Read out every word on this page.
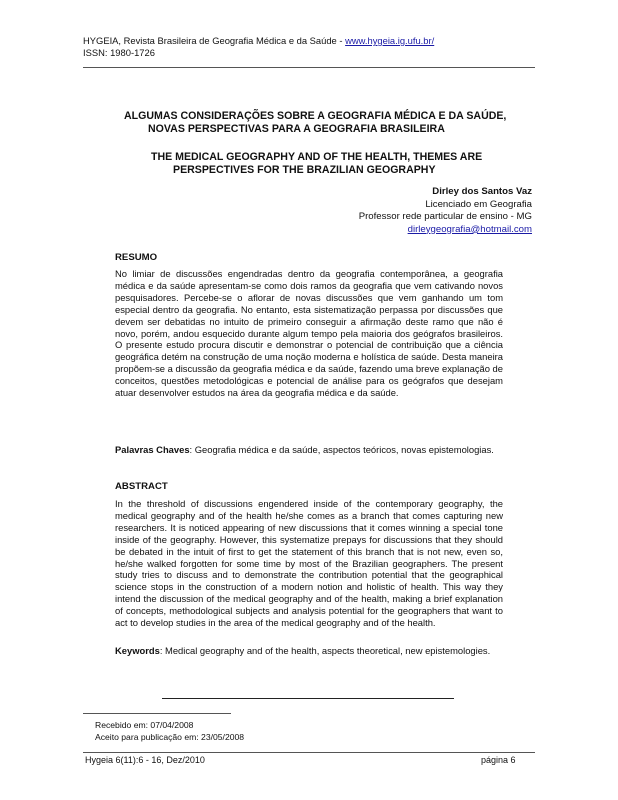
HYGEIA, Revista Brasileira de Geografia Médica e da Saúde - www.hygeia.ig.ufu.br/
ISSN: 1980-1726
ALGUMAS CONSIDERAÇÕES SOBRE A GEOGRAFIA MÉDICA E DA SAÚDE,
NOVAS PERSPECTIVAS PARA A GEOGRAFIA BRASILEIRA
THE MEDICAL GEOGRAPHY AND OF THE HEALTH, THEMES ARE
PERSPECTIVES FOR THE BRAZILIAN GEOGRAPHY
Dirley dos Santos Vaz
Licenciado em Geografia
Professor rede particular de ensino - MG
dirleygeografia@hotmail.com
RESUMO
No limiar de discussões engendradas dentro da geografia contemporânea, a geografia médica e da saúde apresentam-se como dois ramos da geografia que vem cativando novos pesquisadores. Percebe-se o aflorar de novas discussões que vem ganhando um tom especial dentro da geografia. No entanto, esta sistematização perpassa por discussões que devem ser debatidas no intuito de primeiro conseguir a afirmação deste ramo que não é novo, porém, andou esquecido durante algum tempo pela maioria dos geógrafos brasileiros. O presente estudo procura discutir e demonstrar o potencial de contribuição que a ciência geográfica detém na construção de uma noção moderna e holística de saúde. Desta maneira propõem-se a discussão da geografia médica e da saúde, fazendo uma breve explanação de conceitos, questões metodológicas e potencial de análise para os geógrafos que desejam atuar desenvolver estudos na área da geografia médica e da saúde.
Palavras Chaves: Geografia médica e da saúde, aspectos teóricos, novas epistemologias.
ABSTRACT
In the threshold of discussions engendered inside of the contemporary geography, the medical geography and of the health he/she comes as a branch that comes capturing new researchers. It is noticed appearing of new discussions that it comes winning a special tone inside of the geography. However, this systematize prepays for discussions that they should be debated in the intuit of first to get the statement of this branch that is not new, even so, he/she walked forgotten for some time by most of the Brazilian geographers. The present study tries to discuss and to demonstrate the contribution potential that the geographical science stops in the construction of a modern notion and holistic of health. This way they intend the discussion of the medical geography and of the health, making a brief explanation of concepts, methodological subjects and analysis potential for the geographers that want to act to develop studies in the area of the medical geography and of the health.
Keywords: Medical geography and of the health, aspects theoretical, new epistemologies.
Recebido em: 07/04/2008
Aceito para publicação em: 23/05/2008
Hygeia 6(11):6 - 16, Dez/2010	página 6
